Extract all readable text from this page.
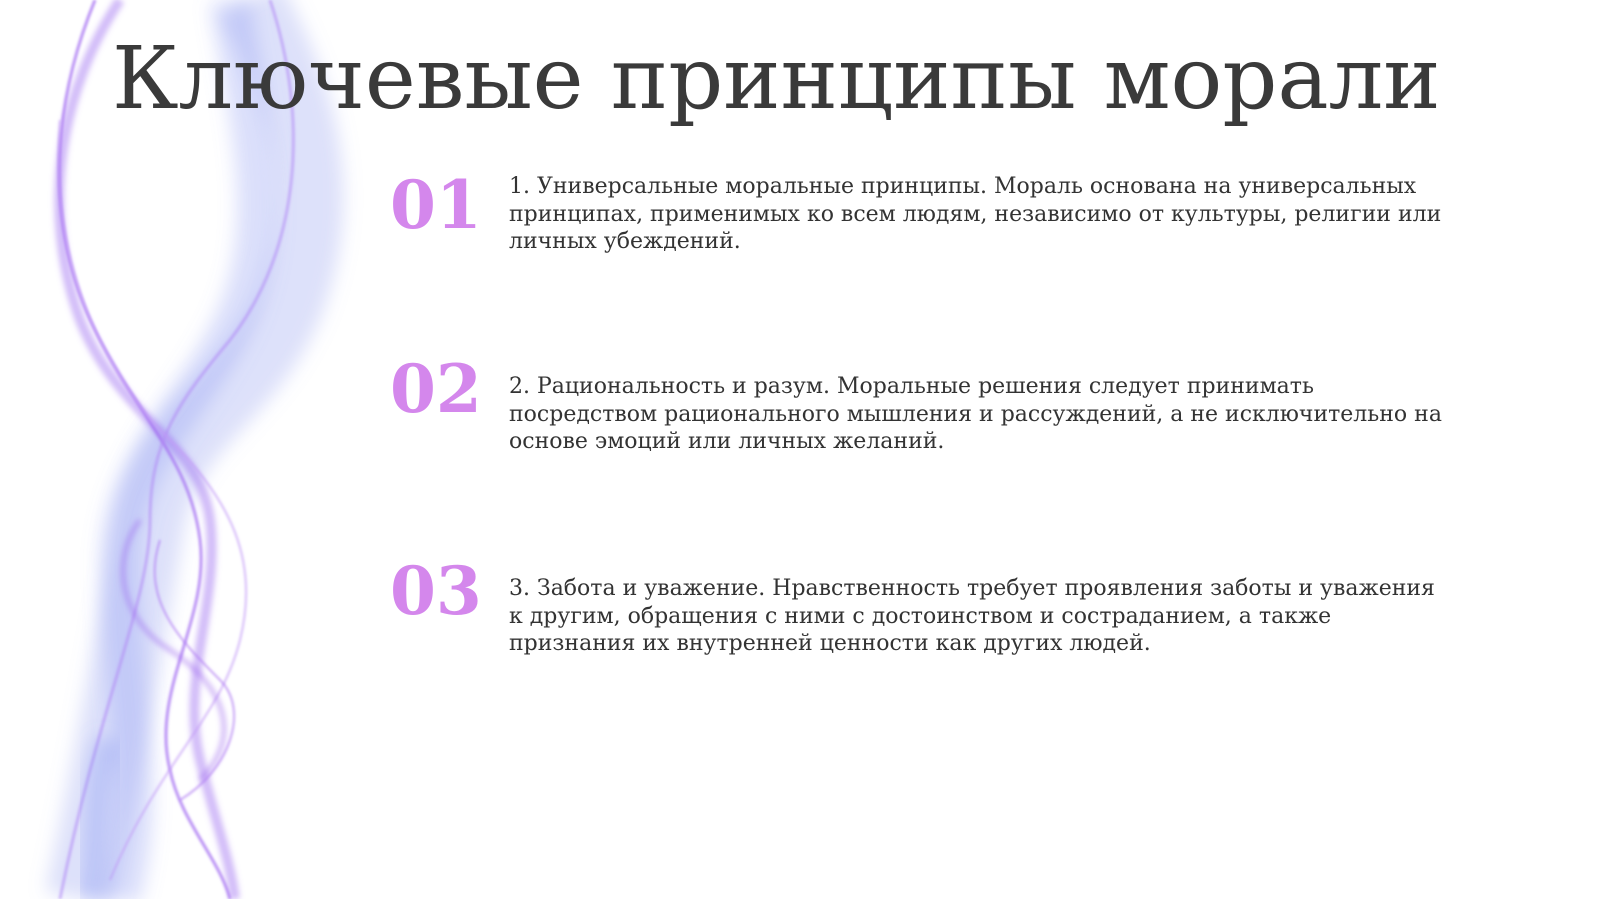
Ключевые принципы морали
01	1. Универсальные моральные принципы. Мораль основана на универсальных принципах, применимых ко всем людям, независимо от культуры, религии или личных убеждений.

02	2. Рациональность и разум. Моральные решения следует принимать посредством рационального мышления и рассуждений, а не исключительно на основе эмоций или личных желаний.

03	3. Забота и уважение. Нравственность требует проявления заботы и уважения к другим, обращения с ними с достоинством и состраданием, а также признания их внутренней ценности как других людей.
